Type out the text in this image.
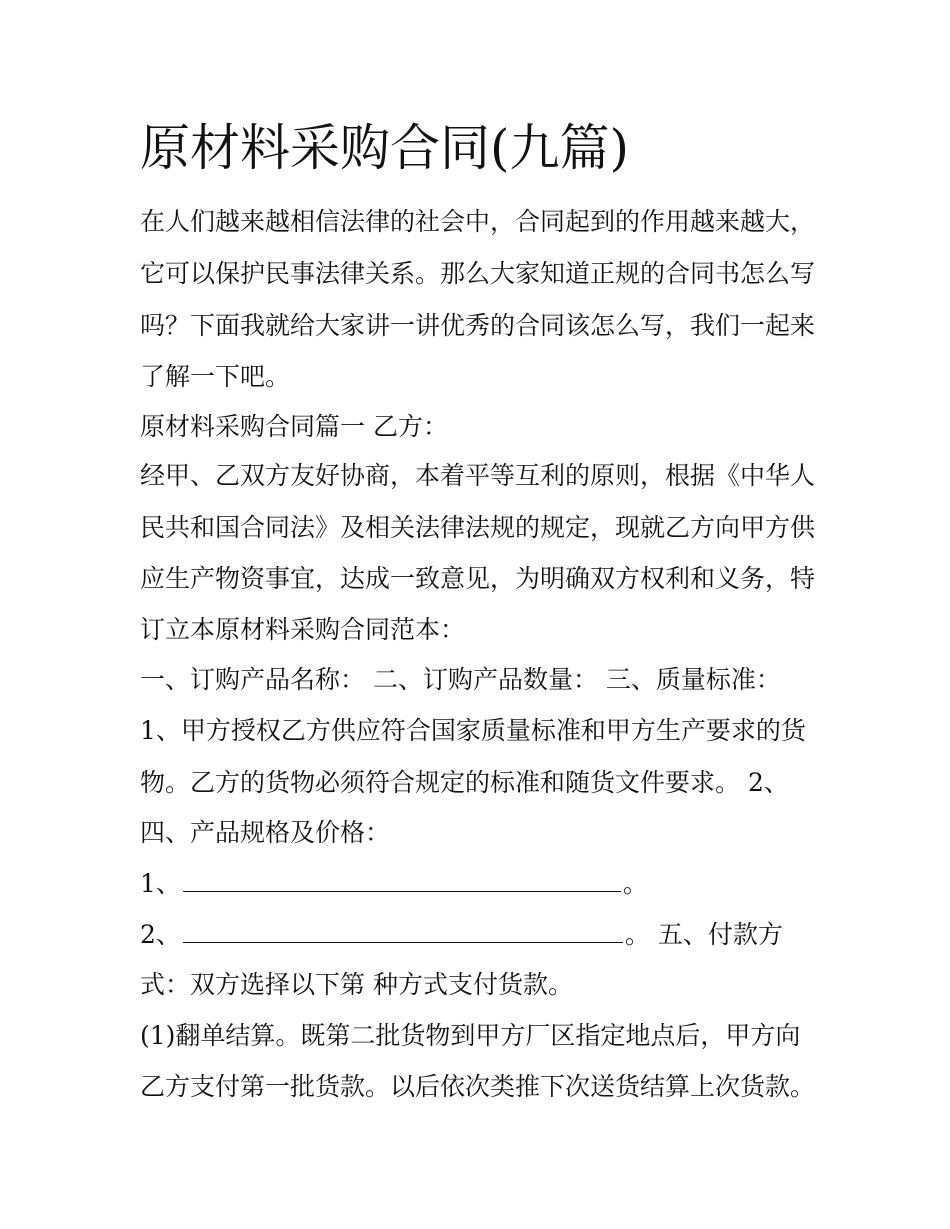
原材料采购合同(九篇)
在人们越来越相信法律的社会中，合同起到的作用越来越大，
它可以保护民事法律关系。那么大家知道正规的合同书怎么写
吗？下面我就给大家讲一讲优秀的合同该怎么写，我们一起来
了解一下吧。
原材料采购合同篇一 乙方：
经甲、乙双方友好协商，本着平等互利的原则，根据《中华人
民共和国合同法》及相关法律法规的规定，现就乙方向甲方供
应生产物资事宜，达成一致意见，为明确双方权利和义务，特
订立本原材料采购合同范本：
一、订购产品名称： 二、订购产品数量： 三、质量标准：
1、甲方授权乙方供应符合国家质量标准和甲方生产要求的货
物。乙方的货物必须符合规定的标准和随货文件要求。 2、
四、产品规格及价格：
1、	。
2、	。 五、付款方
式：双方选择以下第 种方式支付货款。
(1)翻单结算。既第二批货物到甲方厂区指定地点后，甲方向
乙方支付第一批货款。以后依次类推下次送货结算上次货款。
